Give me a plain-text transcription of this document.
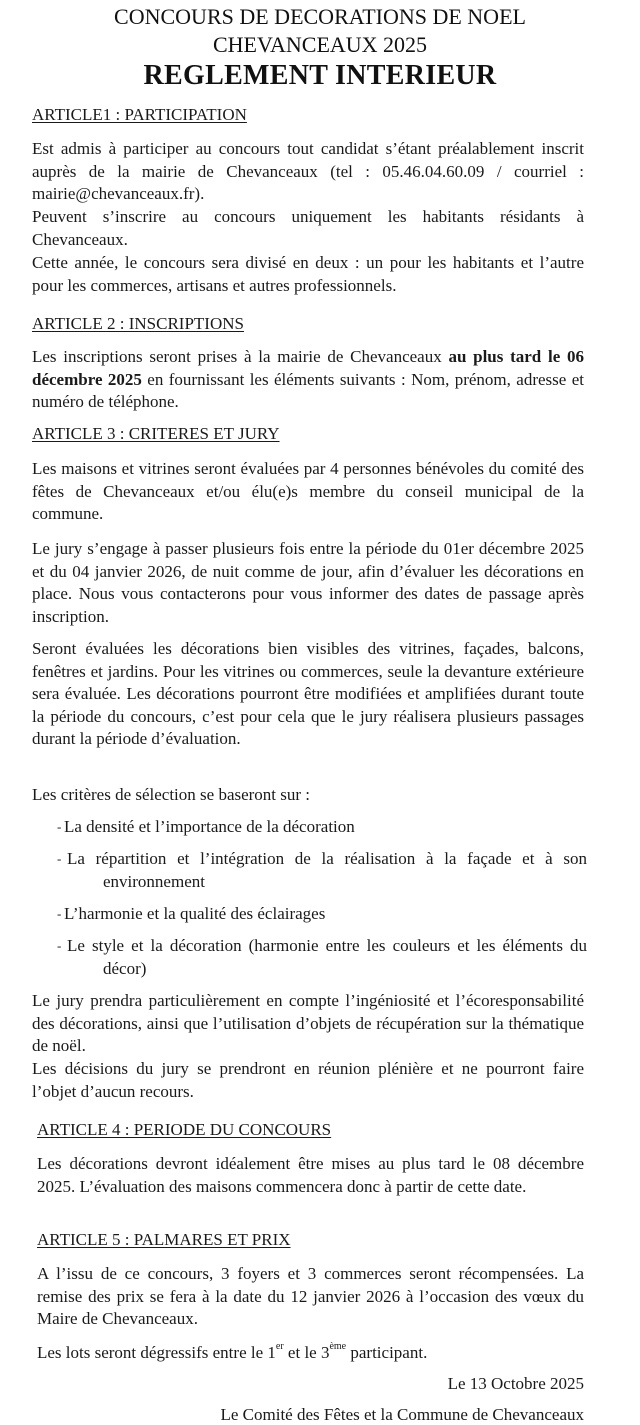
CONCOURS DE DECORATIONS DE NOEL
CHEVANCEAUX 2025
REGLEMENT INTERIEUR
ARTICLE1 : PARTICIPATION

Est admis à participer au concours tout candidat s’étant préalablement inscrit auprès de la mairie de Chevanceaux (tel : 05.46.04.60.09 / courriel : mairie@chevanceaux.fr).

Peuvent s’inscrire au concours uniquement les habitants résidants à Chevanceaux.

Cette année, le concours sera divisé en deux : un pour les habitants et l’autre pour les commerces, artisans et autres professionnels.

ARTICLE 2 : INSCRIPTIONS

Les inscriptions seront prises à la mairie de Chevanceaux au plus tard le 06 décembre 2025 en fournissant les éléments suivants : Nom, prénom, adresse et numéro de téléphone.

ARTICLE 3 : CRITERES ET JURY

Les maisons et vitrines seront évaluées par 4 personnes bénévoles du comité des fêtes de Chevanceaux et/ou élu(e)s membre du conseil municipal de la commune.

Le jury s’engage à passer plusieurs fois entre la période du 01er décembre 2025 et du 04 janvier 2026, de nuit comme de jour, afin d’évaluer les décorations en place. Nous vous contacterons pour vous informer des dates de passage après inscription.

Seront évaluées les décorations bien visibles des vitrines, façades, balcons, fenêtres et jardins. Pour les vitrines ou commerces, seule la devanture extérieure sera évaluée. Les décorations pourront être modifiées et amplifiées durant toute la période du concours, c’est pour cela que le jury réalisera plusieurs passages durant la période d’évaluation.

Les critères de sélection se baseront sur :

- La densité et l’importance de la décoration
- La répartition et l’intégration de la réalisation à la façade et à son environnement
- L’harmonie et la qualité des éclairages
- Le style et la décoration (harmonie entre les couleurs et les éléments du décor)

Le jury prendra particulièrement en compte l’ingéniosité et l’écoresponsabilité des décorations, ainsi que l’utilisation d’objets de récupération sur la thématique de noël.

Les décisions du jury se prendront en réunion plénière et ne pourront faire l’objet d’aucun recours.

ARTICLE 4 : PERIODE DU CONCOURS

Les décorations devront idéalement être mises au plus tard le 08 décembre 2025. L’évaluation des maisons commencera donc à partir de cette date.

ARTICLE 5 : PALMARES ET PRIX

A l’issu de ce concours, 3 foyers et 3 commerces seront récompensées. La remise des prix se fera à la date du 12 janvier 2026 à l’occasion des vœux du Maire de Chevanceaux.

Les lots seront dégressifs entre le 1er et le 3ème participant.

Le 13 Octobre 2025

Le Comité des Fêtes et la Commune de Chevanceaux
